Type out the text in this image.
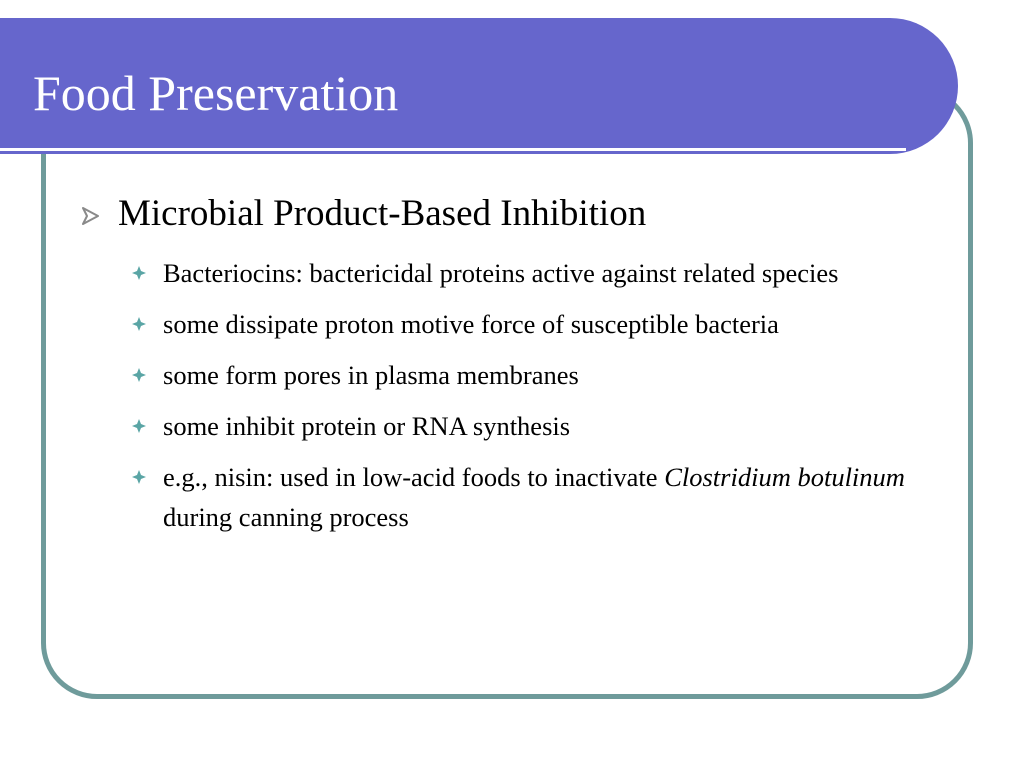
Food Preservation

Microbial Product-Based Inhibition

Bacteriocins: bactericidal proteins active against related species
some dissipate proton motive force of susceptible bacteria
some form pores in plasma membranes
some inhibit protein or RNA synthesis
e.g., nisin: used in low-acid foods to inactivate Clostridium botulinum during canning process
